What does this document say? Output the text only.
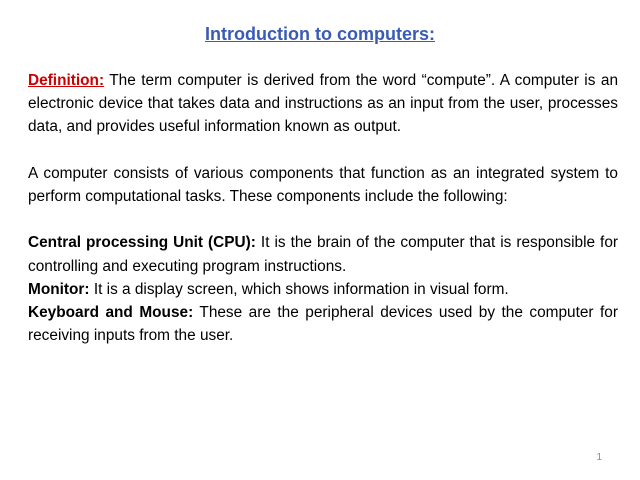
Introduction to computers:

Definition: The term computer is derived from the word “compute”. A computer is an electronic device that takes data and instructions as an input from the user, processes data, and provides useful information known as output.

A computer consists of various components that function as an integrated system to perform computational tasks. These components include the following:

Central processing Unit (CPU): It is the brain of the computer that is responsible for controlling and executing program instructions.

Monitor: It is a display screen, which shows information in visual form.

Keyboard and Mouse: These are the peripheral devices used by the computer for receiving inputs from the user.

1
